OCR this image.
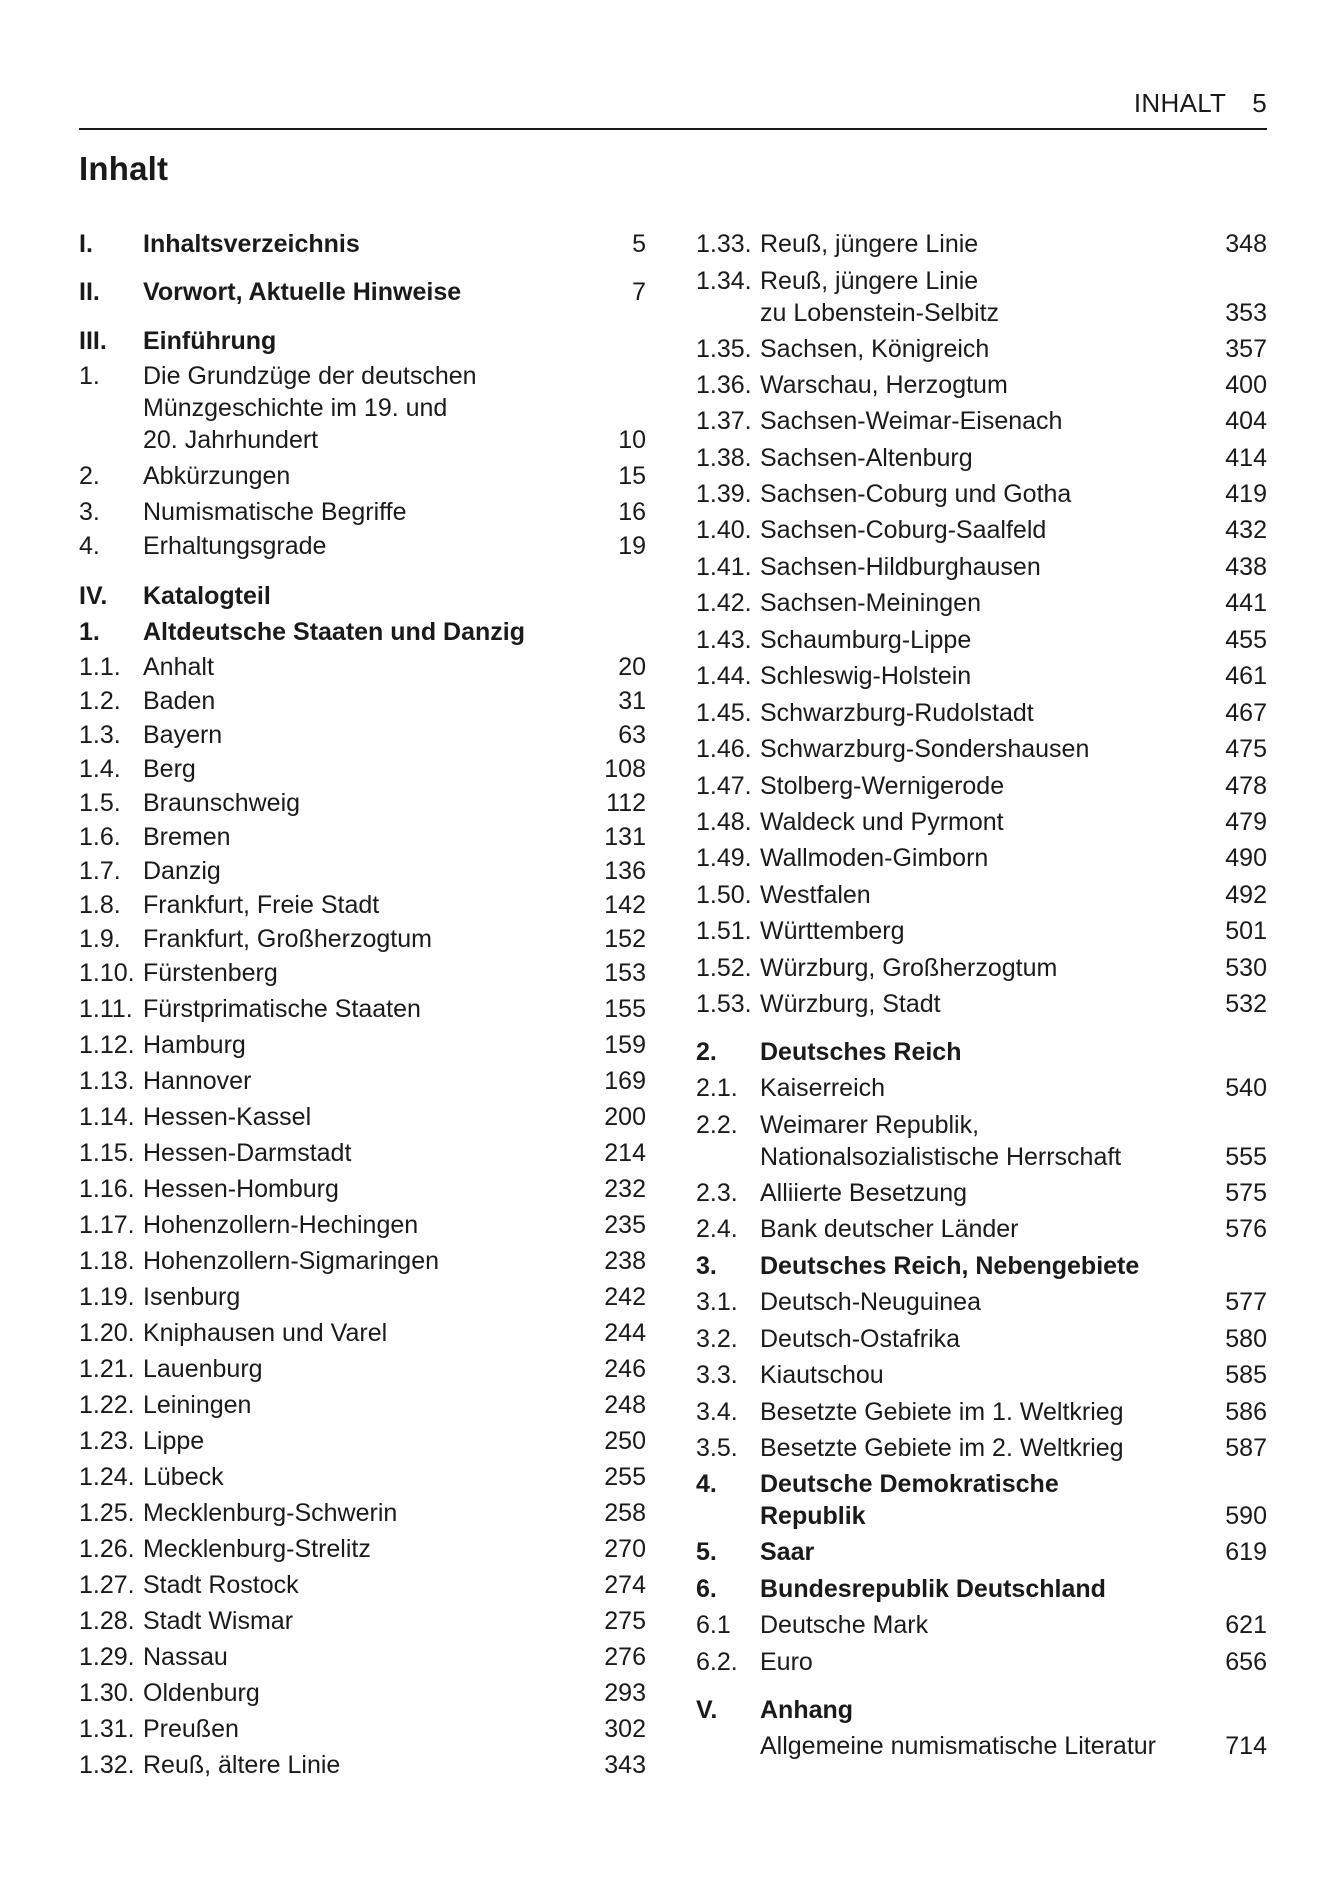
INHALT 5
Inhalt
I. Inhaltsverzeichnis	5
II. Vorwort, Aktuelle Hinweise	7
III. Einführung
1. Die Grundzüge der deutschen
Münzgeschichte im 19. und
20. Jahrhundert	10
2. Abkürzungen	15
3. Numismatische Begriffe	16
4. Erhaltungsgrade	19
IV. Katalogteil
1. Altdeutsche Staaten und Danzig
1.1. Anhalt	20
1.2. Baden	31
1.3. Bayern	63
1.4. Berg	108
1.5. Braunschweig	112
1.6. Bremen	131
1.7. Danzig	136
1.8. Frankfurt, Freie Stadt	142
1.9. Frankfurt, Großherzogtum	152
1.10. Fürstenberg	153
1.11. Fürstprimatische Staaten	155
1.12. Hamburg	159
1.13. Hannover	169
1.14. Hessen-Kassel	200
1.15. Hessen-Darmstadt	214
1.16. Hessen-Homburg	232
1.17. Hohenzollern-Hechingen	235
1.18. Hohenzollern-Sigmaringen	238
1.19. Isenburg	242
1.20. Kniphausen und Varel	244
1.21. Lauenburg	246
1.22. Leiningen	248
1.23. Lippe	250
1.24. Lübeck	255
1.25. Mecklenburg-Schwerin	258
1.26. Mecklenburg-Strelitz	270
1.27. Stadt Rostock	274
1.28. Stadt Wismar	275
1.29. Nassau	276
1.30. Oldenburg	293
1.31. Preußen	302
1.32. Reuß, ältere Linie	343
1.33. Reuß, jüngere Linie	348
1.34. Reuß, jüngere Linie
zu Lobenstein-Selbitz	353
1.35. Sachsen, Königreich	357
1.36. Warschau, Herzogtum	400
1.37. Sachsen-Weimar-Eisenach	404
1.38. Sachsen-Altenburg	414
1.39. Sachsen-Coburg und Gotha	419
1.40. Sachsen-Coburg-Saalfeld	432
1.41. Sachsen-Hildburghausen	438
1.42. Sachsen-Meiningen	441
1.43. Schaumburg-Lippe	455
1.44. Schleswig-Holstein	461
1.45. Schwarzburg-Rudolstadt	467
1.46. Schwarzburg-Sondershausen	475
1.47. Stolberg-Wernigerode	478
1.48. Waldeck und Pyrmont	479
1.49. Wallmoden-Gimborn	490
1.50. Westfalen	492
1.51. Württemberg	501
1.52. Würzburg, Großherzogtum	530
1.53. Würzburg, Stadt	532
2. Deutsches Reich
2.1. Kaiserreich	540
2.2. Weimarer Republik,
Nationalsozialistische Herrschaft	555
2.3. Alliierte Besetzung	575
2.4. Bank deutscher Länder	576
3. Deutsches Reich, Nebengebiete
3.1. Deutsch-Neuguinea	577
3.2. Deutsch-Ostafrika	580
3.3. Kiautschou	585
3.4. Besetzte Gebiete im 1. Weltkrieg	586
3.5. Besetzte Gebiete im 2. Weltkrieg	587
4. Deutsche Demokratische
Republik	590
5. Saar	619
6. Bundesrepublik Deutschland
6.1 Deutsche Mark	621
6.2. Euro	656
V. Anhang
Allgemeine numismatische Literatur	714
